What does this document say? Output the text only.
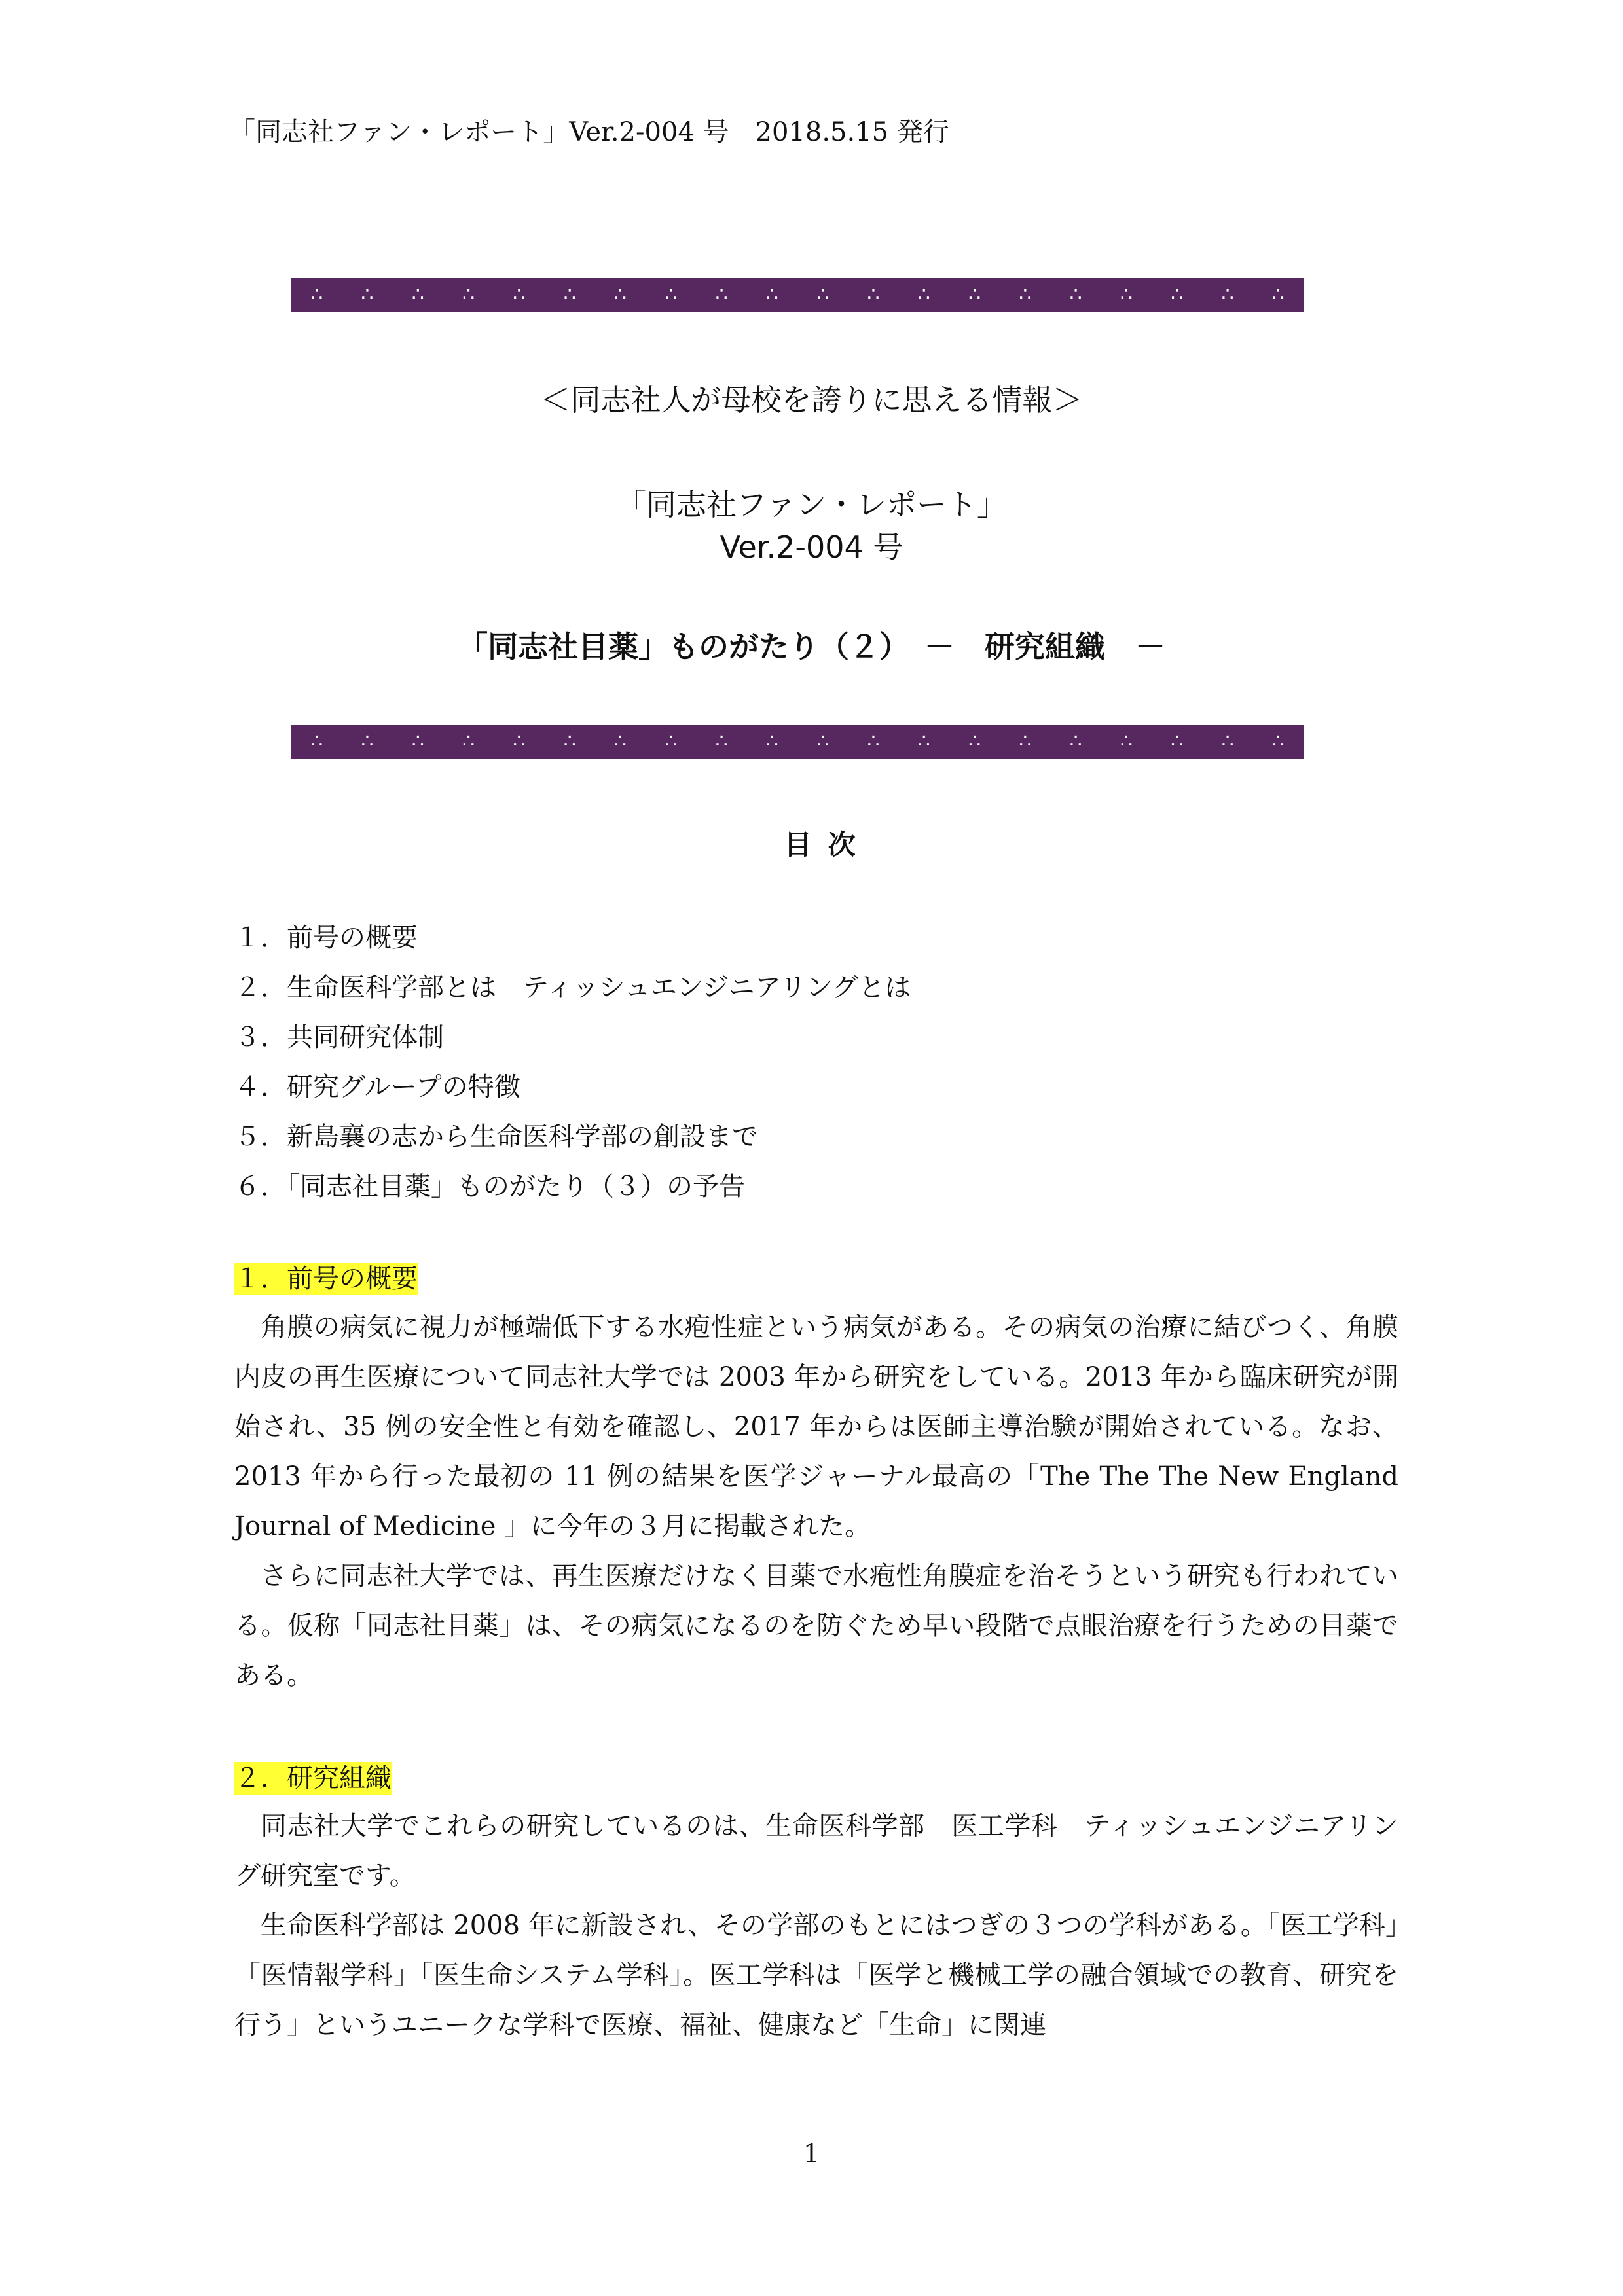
「同志社ファン・レポート」Ver.2-004 号　2018.5.15 発行
∴ ∴ ∴ ∴ ∴ ∴ ∴ ∴ ∴ ∴ ∴ ∴ ∴ ∴ ∴ ∴ ∴ ∴ ∴ ∴
＜同志社人が母校を誇りに思える情報＞
「同志社ファン・レポート」
Ver.2-004 号
「同志社目薬」ものがたり（２）　－　研究組織　－
∴ ∴ ∴ ∴ ∴ ∴ ∴ ∴ ∴ ∴ ∴ ∴ ∴ ∴ ∴ ∴ ∴ ∴ ∴ ∴
目次
１．前号の概要
２．生命医科学部とは　ティッシュエンジニアリングとは
３．共同研究体制
４．研究グループの特徴
５．新島襄の志から生命医科学部の創設まで
６．「同志社目薬」ものがたり（３）の予告
１．前号の概要

角膜の病気に視力が極端低下する水疱性症という病気がある。その病気の治療に結びつく、角膜内皮の再生医療について同志社大学では 2003 年から研究をしている。2013 年から臨床研究が開始され、35 例の安全性と有効を確認し、2017 年からは医師主導治験が開始されている。なお、2013 年から行った最初の 11 例の結果を医学ジャーナル最高の「The The The New England Journal of Medicine 」に今年の３月に掲載された。

さらに同志社大学では、再生医療だけなく目薬で水疱性角膜症を治そうという研究も行われている。仮称「同志社目薬」は、その病気になるのを防ぐため早い段階で点眼治療を行うための目薬である。

２．研究組織

同志社大学でこれらの研究しているのは、生命医科学部　医工学科　ティッシュエンジニアリング研究室です。

生命医科学部は 2008 年に新設され、その学部のもとにはつぎの３つの学科がある。「医工学科」「医情報学科」「医生命システム学科」。医工学科は「医学と機械工学の融合領域での教育、研究を行う」というユニークな学科で医療、福祉、健康など「生命」に関連

1
